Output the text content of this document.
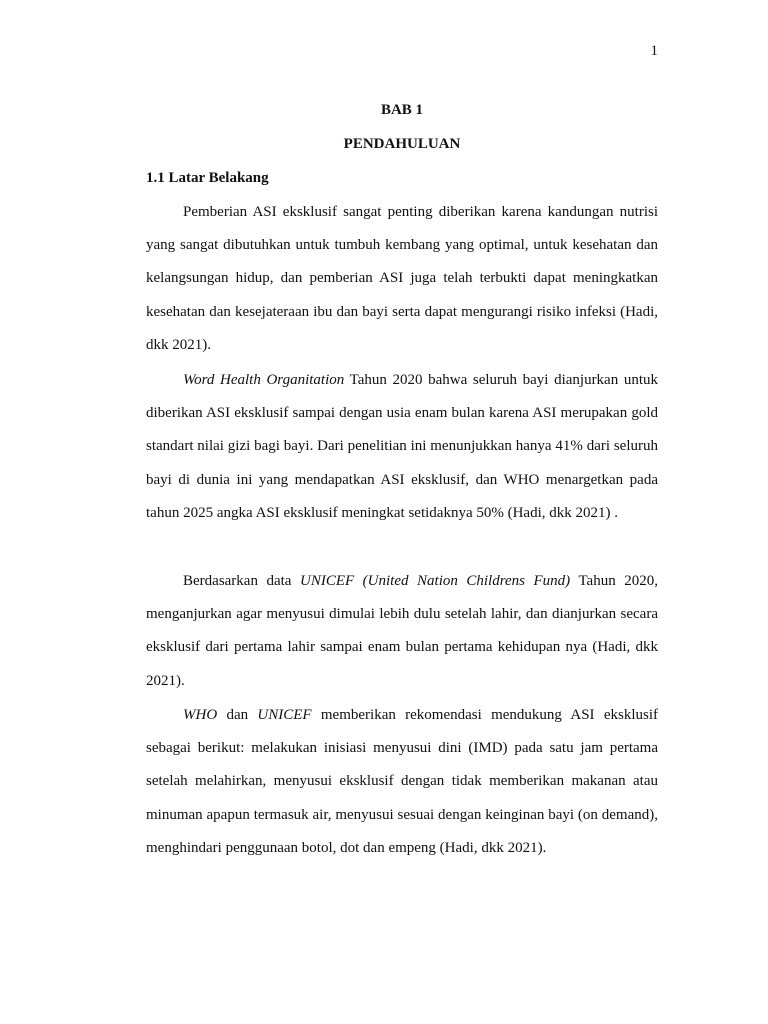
1
BAB 1
PENDAHULUAN
1.1 Latar Belakang

Pemberian ASI eksklusif sangat penting diberikan karena kandungan nutrisi yang sangat dibutuhkan untuk tumbuh kembang yang optimal, untuk kesehatan dan kelangsungan hidup, dan pemberian ASI juga telah terbukti dapat meningkatkan kesehatan dan kesejateraan ibu dan bayi serta dapat mengurangi risiko infeksi (Hadi, dkk 2021).

Word Health Organitation Tahun 2020 bahwa seluruh bayi dianjurkan untuk diberikan ASI eksklusif sampai dengan usia enam bulan karena ASI merupakan gold standart nilai gizi bagi bayi. Dari penelitian ini menunjukkan hanya 41% dari seluruh bayi di dunia ini yang mendapatkan ASI eksklusif, dan WHO menargetkan pada tahun 2025 angka ASI eksklusif meningkat setidaknya 50% (Hadi, dkk 2021) .

Berdasarkan data UNICEF (United Nation Childrens Fund) Tahun 2020, menganjurkan agar menyusui dimulai lebih dulu setelah lahir, dan dianjurkan secara eksklusif dari pertama lahir sampai enam bulan pertama kehidupan nya (Hadi, dkk 2021).

WHO dan UNICEF memberikan rekomendasi mendukung ASI eksklusif sebagai berikut: melakukan inisiasi menyusui dini (IMD) pada satu jam pertama setelah melahirkan, menyusui eksklusif dengan tidak memberikan makanan atau minuman apapun termasuk air, menyusui sesuai dengan keinginan bayi (on demand), menghindari penggunaan botol, dot dan empeng (Hadi, dkk 2021).
